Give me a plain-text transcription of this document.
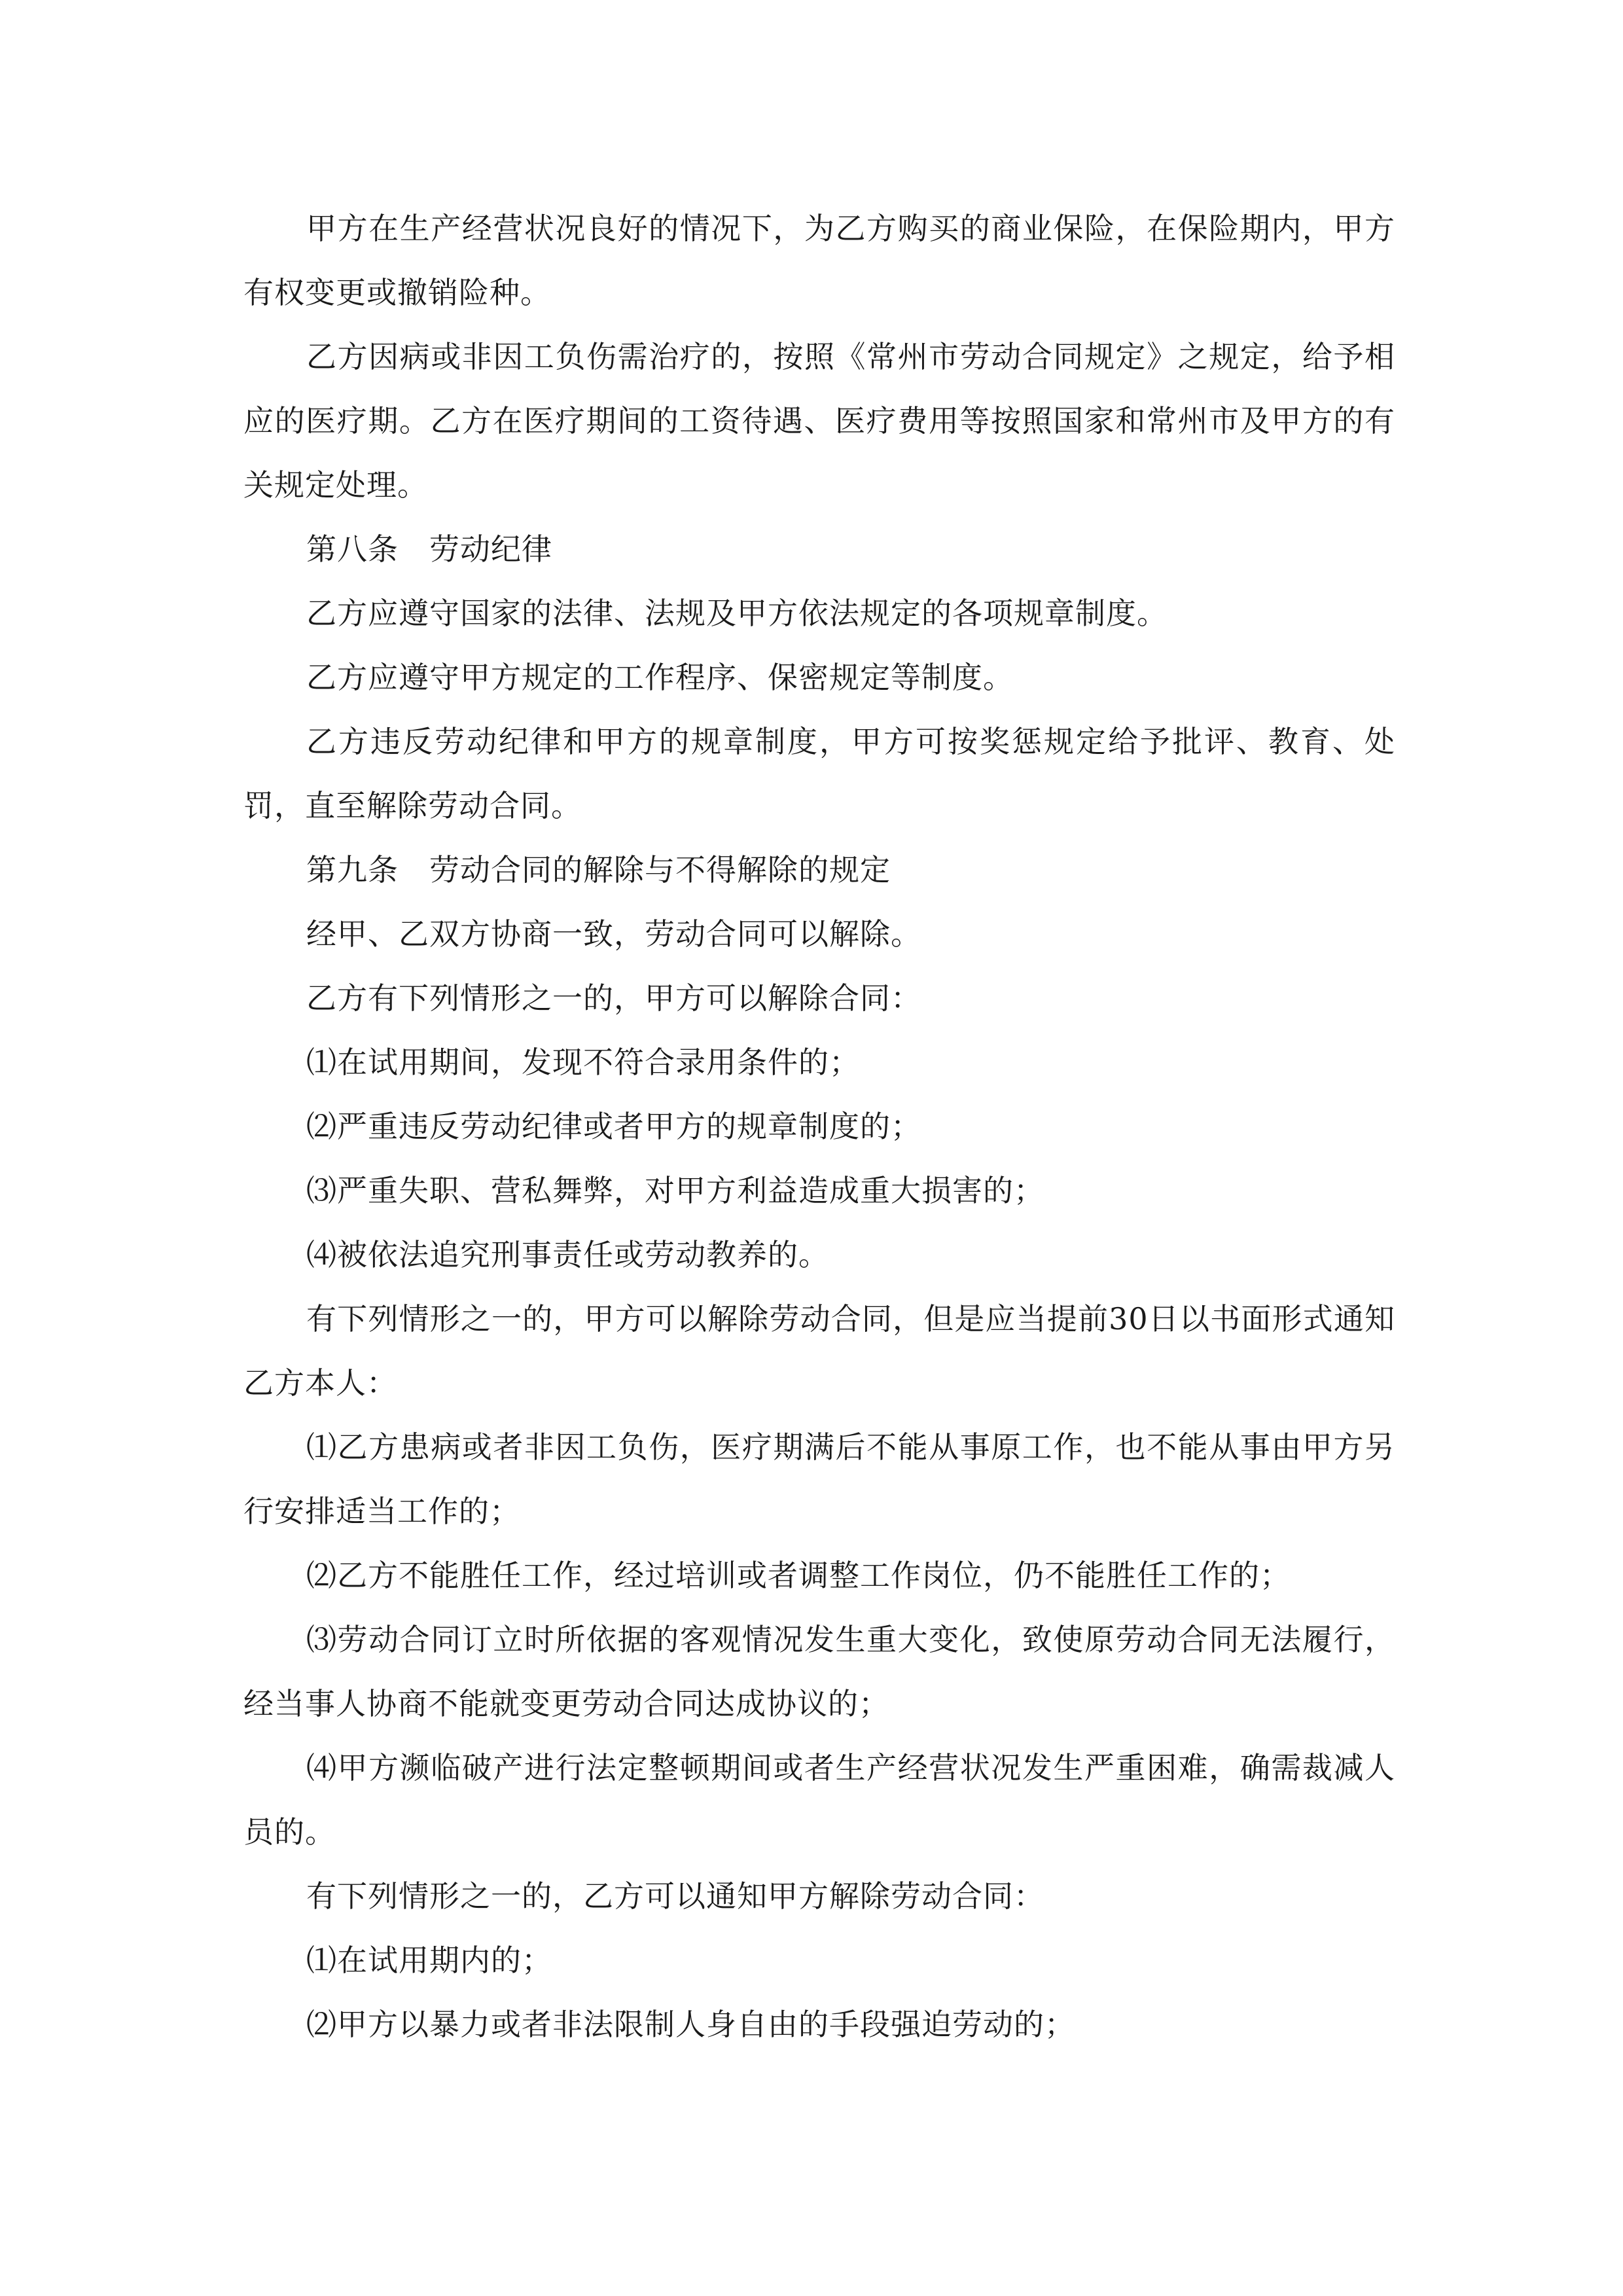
甲方在生产经营状况良好的情况下，为乙方购买的商业保险，在保险期内，甲方有权变更或撤销险种。

乙方因病或非因工负伤需治疗的，按照《常州市劳动合同规定》之规定，给予相应的医疗期。乙方在医疗期间的工资待遇、医疗费用等按照国家和常州市及甲方的有关规定处理。

第八条　劳动纪律

乙方应遵守国家的法律、法规及甲方依法规定的各项规章制度。

乙方应遵守甲方规定的工作程序、保密规定等制度。

乙方违反劳动纪律和甲方的规章制度，甲方可按奖惩规定给予批评、教育、处罚，直至解除劳动合同。

第九条　劳动合同的解除与不得解除的规定

经甲、乙双方协商一致，劳动合同可以解除。

乙方有下列情形之一的，甲方可以解除合同：

⑴在试用期间，发现不符合录用条件的；

⑵严重违反劳动纪律或者甲方的规章制度的；

⑶严重失职、营私舞弊，对甲方利益造成重大损害的；

⑷被依法追究刑事责任或劳动教养的。

有下列情形之一的，甲方可以解除劳动合同，但是应当提前30日以书面形式通知乙方本人：

⑴乙方患病或者非因工负伤，医疗期满后不能从事原工作，也不能从事由甲方另行安排适当工作的；

⑵乙方不能胜任工作，经过培训或者调整工作岗位，仍不能胜任工作的；

⑶劳动合同订立时所依据的客观情况发生重大变化，致使原劳动合同无法履行，经当事人协商不能就变更劳动合同达成协议的；

⑷甲方濒临破产进行法定整顿期间或者生产经营状况发生严重困难，确需裁减人员的。

有下列情形之一的，乙方可以通知甲方解除劳动合同：

⑴在试用期内的；

⑵甲方以暴力或者非法限制人身自由的手段强迫劳动的；
